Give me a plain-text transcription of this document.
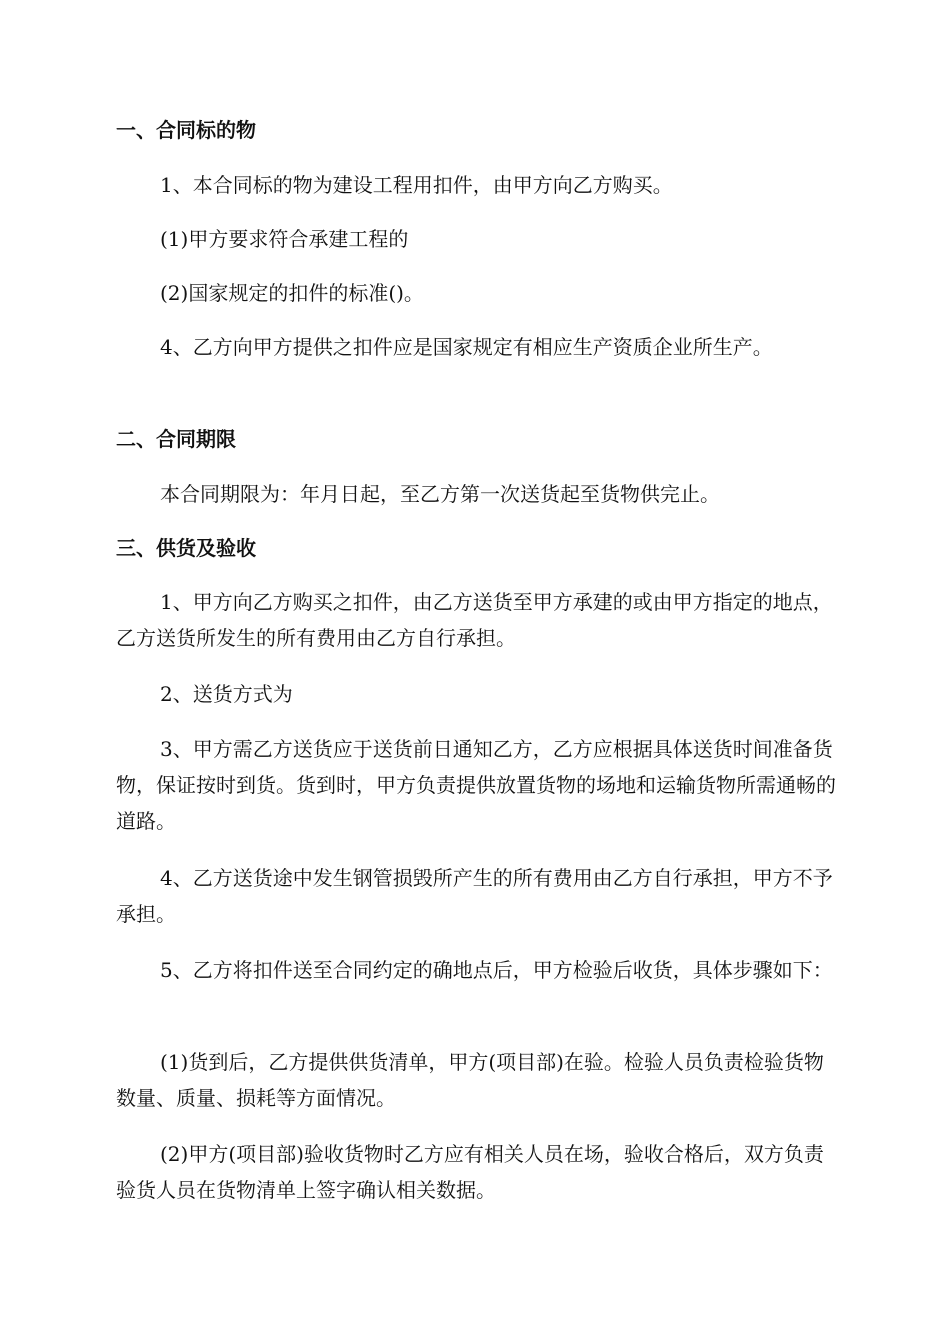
一、合同标的物
1、本合同标的物为建设工程用扣件，由甲方向乙方购买。
(1)甲方要求符合承建工程的
(2)国家规定的扣件的标准()。
4、乙方向甲方提供之扣件应是国家规定有相应生产资质企业所生产。
二、合同期限
本合同期限为：年月日起，至乙方第一次送货起至货物供完止。
三、供货及验收
1、甲方向乙方购买之扣件，由乙方送货至甲方承建的或由甲方指定的地点，乙方送货所发生的所有费用由乙方自行承担。
2、送货方式为
3、甲方需乙方送货应于送货前日通知乙方，乙方应根据具体送货时间准备货物，保证按时到货。货到时，甲方负责提供放置货物的场地和运输货物所需通畅的道路。
4、乙方送货途中发生钢管损毁所产生的所有费用由乙方自行承担，甲方不予承担。
5、乙方将扣件送至合同约定的确地点后，甲方检验后收货，具体步骤如下：
(1)货到后，乙方提供供货清单，甲方(项目部)在验。检验人员负责检验货物数量、质量、损耗等方面情况。
(2)甲方(项目部)验收货物时乙方应有相关人员在场，验收合格后，双方负责验货人员在货物清单上签字确认相关数据。
